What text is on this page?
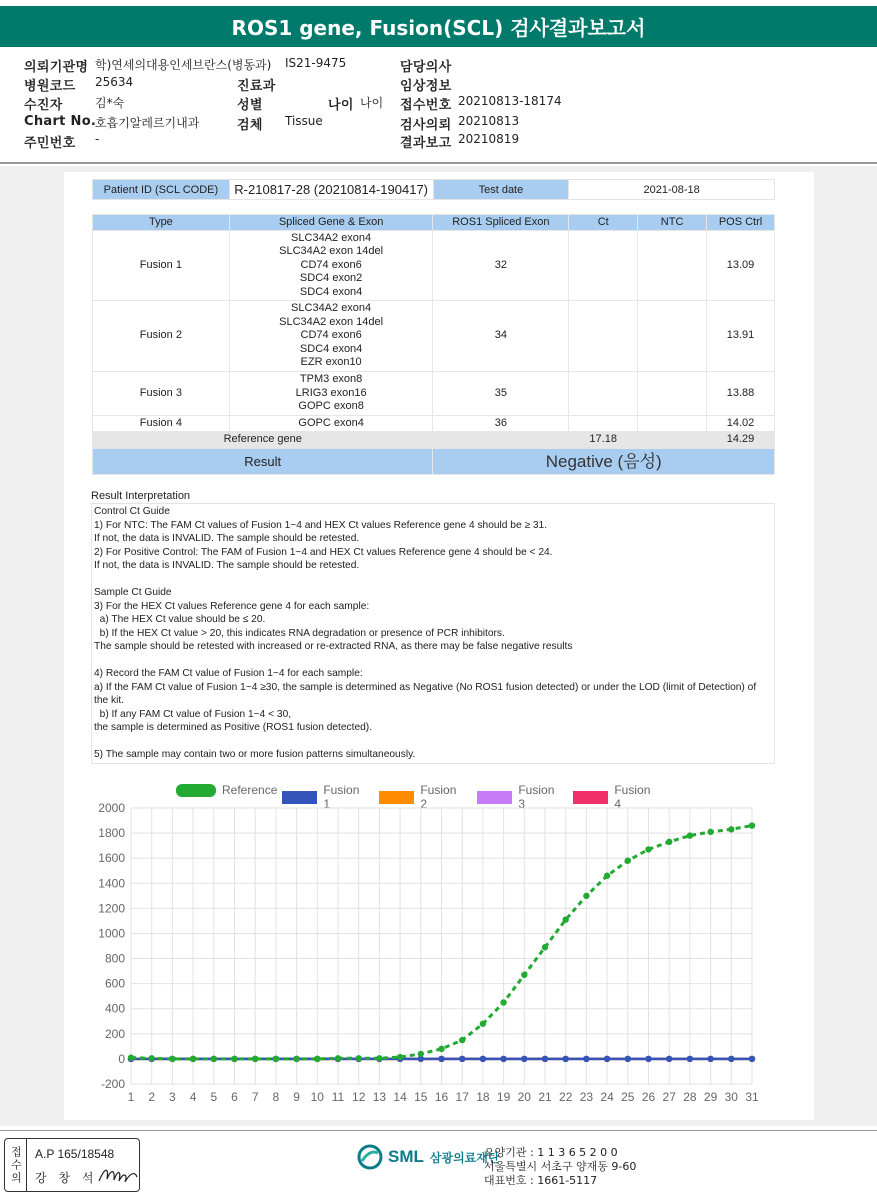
ROS1 gene, Fusion(SCL) 검사결과보고서
의뢰기관명 학)연세의대용인세브란스(병동과) IS21-9475	담당의사
병원코드 25634	진료과	임상정보
수진자	김*숙	성별	나이 나이 접수번호 20210813-18174
Chart No.
호흡기알레르기내과	검체 Tissue	검사의뢰 20210813
주민번호 -	결과보고 20210819
Patient ID (SCL CODE)	R-210817-28 (20210814-190417)	Test date	2021-08-18
Type	Spliced Gene & Exon	ROS1 Spliced Exon	Ct	NTC	POS Ctrl
Fusion 1	SLC34A2 exon4
SLC34A2 exon 14del
CD74 exon6
SDC4 exon2
SDC4 exon4	32			13.09
Fusion 2	SLC34A2 exon4
SLC34A2 exon 14del
CD74 exon6
SDC4 exon4
EZR exon10	34			13.91
Fusion 3	TPM3 exon8
LRIG3 exon16
GOPC exon8	35			13.88
Fusion 4	GOPC exon4	36			14.02
Reference gene			17.18		14.29
Result		Negative (음성)			
Result Interpretation
Control Ct Guide
1) For NTC: The FAM Ct values of Fusion 1~4 and HEX Ct values Reference gene 4 should be ≥ 31.
If not, the data is INVALID. The sample should be retested.
2) For Positive Control: The FAM of Fusion 1~4 and HEX Ct values Reference gene 4 should be < 24.
If not, the data is INVALID. The sample should be retested.
Sample Ct Guide
3) For the HEX Ct values Reference gene 4 for each sample:
a) The HEX Ct value should be ≤ 20.
b) If the HEX Ct value > 20, this indicates RNA degradation or presence of PCR inhibitors.
The sample should be retested with increased or re-extracted RNA, as there may be false negative results
4) Record the FAM Ct value of Fusion 1~4 for each sample:
a) If the FAM Ct value of Fusion 1~4 ≥30, the sample is determined as Negative (No ROS1 fusion detected) or under the LOD (limit of Detection) of the kit.
b) If any FAM Ct value of Fusion 1~4 < 30,
the sample is determined as Positive (ROS1 fusion detected).
5) The sample may contain two or more fusion patterns simultaneously.
Reference	Fusion 1
Fusion 2
Fusion 3
Fusion 4
-200
0
200
400
600
800
1000
1200
1400
1600
1800
2000
1 2 3 4 5 6 7 8 9 10 11 12 13 14 15 16 17 18 19 20 21 22 23 24 25 26 27 28 29 30 31
접수의	A.P 165/18548
강 창 석
SML 삼광의료재단
요양기관 : 1 1 3 6 5 2 0 0
서울특별시 서초구 양재동 9-60
대표번호 : 1661-5117
